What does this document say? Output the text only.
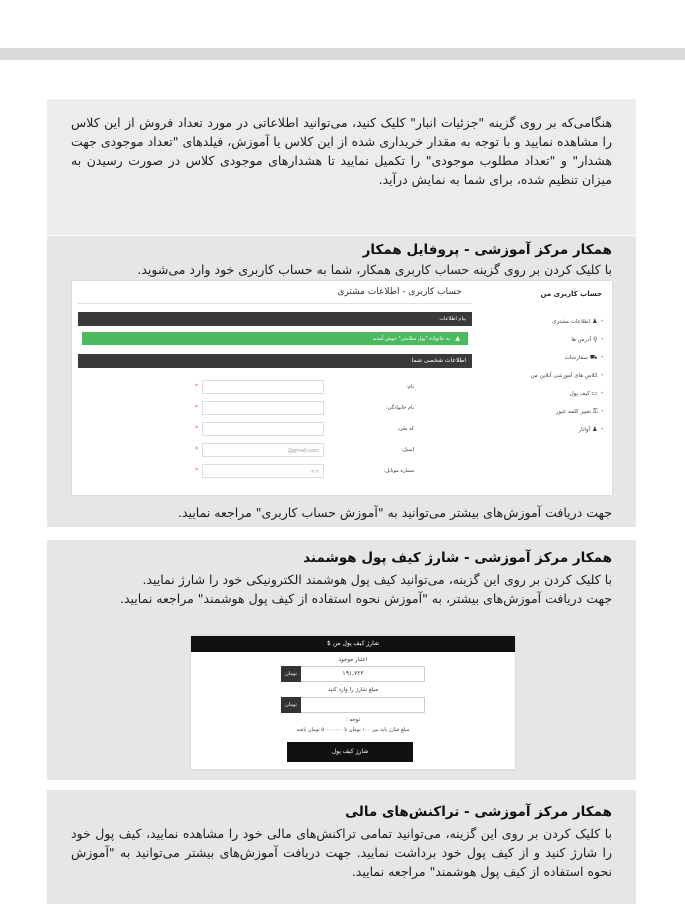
هنگامی‌که بر روی گزینه "جزئیات انبار" کلیک کنید، می‌توانید اطلاعاتی در مورد تعداد فروش از این کلاس را مشاهده نمایید و با توجه به مقدار خریداری شده از این کلاس یا آموزش، فیلدهای "تعداد موجودی جهت هشدار" و "تعداد مطلوب موجودی" را تکمیل نمایید تا هشدارهای موجودی کلاس در صورت رسیدن به میزان تنظیم شده، برای شما به نمایش درآید.
همکار مرکز آموزشی - پروفایل همکار
با کلیک کردن بر روی گزینه حساب کاربری همکار، شما به حساب کاربری خود وارد می‌شوید.
حساب کاربری من
•♟اطلاعات مشتری
•⚲آدرس ها
•⛟سفارشات
•کلاس های آموزشی آنلاین من
•▭کیف پول
•⚿تغییر کلمه عبور
•♟آواتار
حساب کاربری - اطلاعات مشتری
پیام اطلاعات
▲ به خانواده "پول سلامتی" خوش آمدید
اطلاعات شخصی شما
نام:
*
نام خانوادگی:
*
کد ملی:
*
ایمیل:
@gmail.com
*
شماره موبایل:
۰۹۱۲
*
جهت دریافت آموزش‌های بیشتر می‌توانید به "آموزش حساب کاربری" مراجعه نمایید.
همکار مرکز آموزشی - شارژ کیف پول هوشمند
با کلیک کردن بر روی این گزینه، می‌توانید کیف پول هوشمند الکترونیکی خود را شارژ نمایید.
جهت دریافت آموزش‌های بیشتر، به "آموزش نحوه استفاده از کیف پول هوشمند" مراجعه نمایید.
شارژ کیف پول من$
اعتبار موجود
۱۹۱,۷۲۳
تومان
مبلغ شارژ را وارد کنید
تومان
توجه :
مبلغ شارژ باید بین ۱۰۰ تومان تا ۵۰۰۰۰۰۰۰ تومان باشد
شارژ کیف پول
همکار مرکز آموزشی - تراکنش‌های مالی
با کلیک کردن بر روی این گزینه، می‌توانید تمامی تراکنش‌های مالی خود را مشاهده نمایید، کیف پول خود را شارژ کنید و از کیف پول خود برداشت نمایید. جهت دریافت آموزش‌های بیشتر می‌توانید به "آموزش نحوه استفاده از کیف پول هوشمند" مراجعه نمایید.
